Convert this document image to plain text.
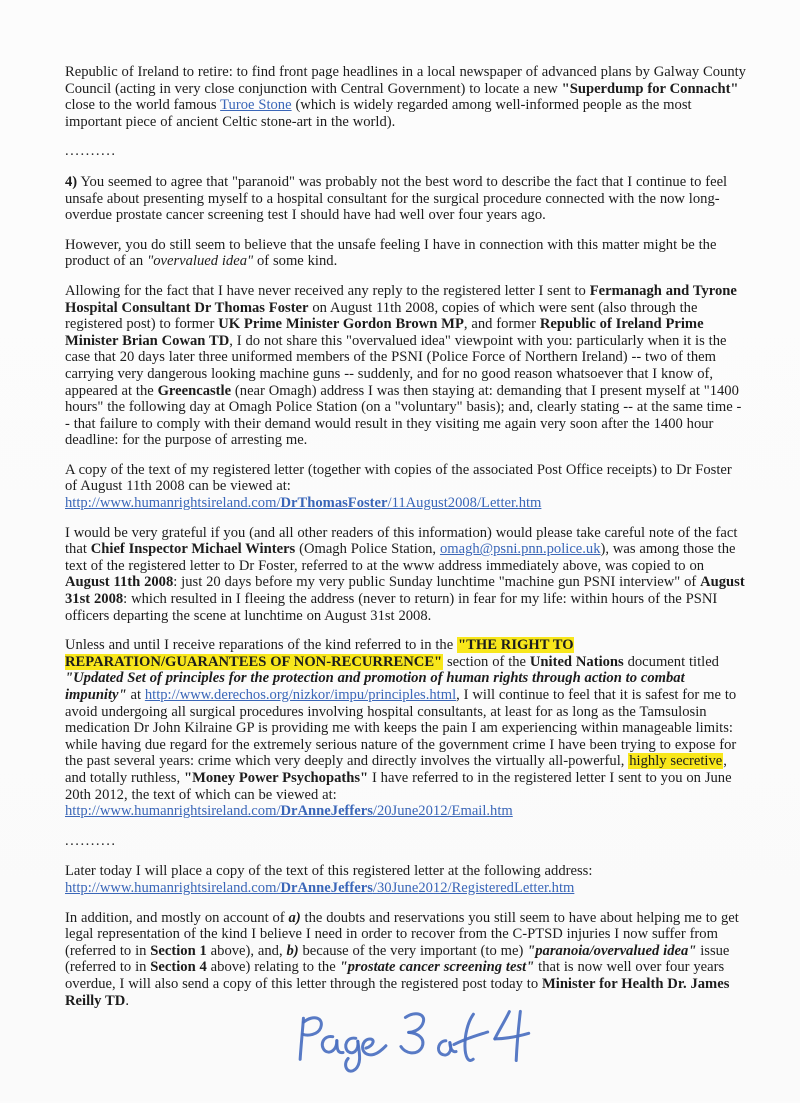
Republic of Ireland to retire: to find front page headlines in a local newspaper of advanced plans by Galway County Council (acting in very close conjunction with Central Government) to locate a new "Superdump for Connacht" close to the world famous Turoe Stone (which is widely regarded among well-informed people as the most important piece of ancient Celtic stone-art in the world).

..........

4) You seemed to agree that "paranoid" was probably not the best word to describe the fact that I continue to feel unsafe about presenting myself to a hospital consultant for the surgical procedure connected with the now long-overdue prostate cancer screening test I should have had well over four years ago.

However, you do still seem to believe that the unsafe feeling I have in connection with this matter might be the product of an "overvalued idea" of some kind.

Allowing for the fact that I have never received any reply to the registered letter I sent to Fermanagh and Tyrone Hospital Consultant Dr Thomas Foster on August 11th 2008, copies of which were sent (also through the registered post) to former UK Prime Minister Gordon Brown MP, and former Republic of Ireland Prime Minister Brian Cowan TD, I do not share this "overvalued idea" viewpoint with you: particularly when it is the case that 20 days later three uniformed members of the PSNI (Police Force of Northern Ireland) -- two of them carrying very dangerous looking machine guns -- suddenly, and for no good reason whatsoever that I know of, appeared at the Greencastle (near Omagh) address I was then staying at: demanding that I present myself at "1400 hours" the following day at Omagh Police Station (on a "voluntary" basis); and, clearly stating -- at the same time -- that failure to comply with their demand would result in they visiting me again very soon after the 1400 hour deadline: for the purpose of arresting me.

A copy of the text of my registered letter (together with copies of the associated Post Office receipts) to Dr Foster of August 11th 2008 can be viewed at:
http://www.humanrightsireland.com/DrThomasFoster/11August2008/Letter.htm

I would be very grateful if you (and all other readers of this information) would please take careful note of the fact that Chief Inspector Michael Winters (Omagh Police Station, omagh@psni.pnn.police.uk), was among those the text of the registered letter to Dr Foster, referred to at the www address immediately above, was copied to on August 11th 2008: just 20 days before my very public Sunday lunchtime "machine gun PSNI interview" of August 31st 2008: which resulted in I fleeing the address (never to return) in fear for my life: within hours of the PSNI officers departing the scene at lunchtime on August 31st 2008.

Unless and until I receive reparations of the kind referred to in the "THE RIGHT TO REPARATION/GUARANTEES OF NON-RECURRENCE" section of the United Nations document titled "Updated Set of principles for the protection and promotion of human rights through action to combat impunity" at http://www.derechos.org/nizkor/impu/principles.html, I will continue to feel that it is safest for me to avoid undergoing all surgical procedures involving hospital consultants, at least for as long as the Tamsulosin medication Dr John Kilraine GP is providing me with keeps the pain I am experiencing within manageable limits: while having due regard for the extremely serious nature of the government crime I have been trying to expose for the past several years: crime which very deeply and directly involves the virtually all-powerful, highly secretive, and totally ruthless, "Money Power Psychopaths" I have referred to in the registered letter I sent to you on June 20th 2012, the text of which can be viewed at:
http://www.humanrightsireland.com/DrAnneJeffers/20June2012/Email.htm

..........

Later today I will place a copy of the text of this registered letter at the following address:
http://www.humanrightsireland.com/DrAnneJeffers/30June2012/RegisteredLetter.htm

In addition, and mostly on account of a) the doubts and reservations you still seem to have about helping me to get legal representation of the kind I believe I need in order to recover from the C-PTSD injuries I now suffer from (referred to in Section 1 above), and, b) because of the very important (to me) "paranoia/overvalued idea" issue (referred to in Section 4 above) relating to the "prostate cancer screening test" that is now well over four years overdue, I will also send a copy of this letter through the registered post today to Minister for Health Dr. James Reilly TD.
